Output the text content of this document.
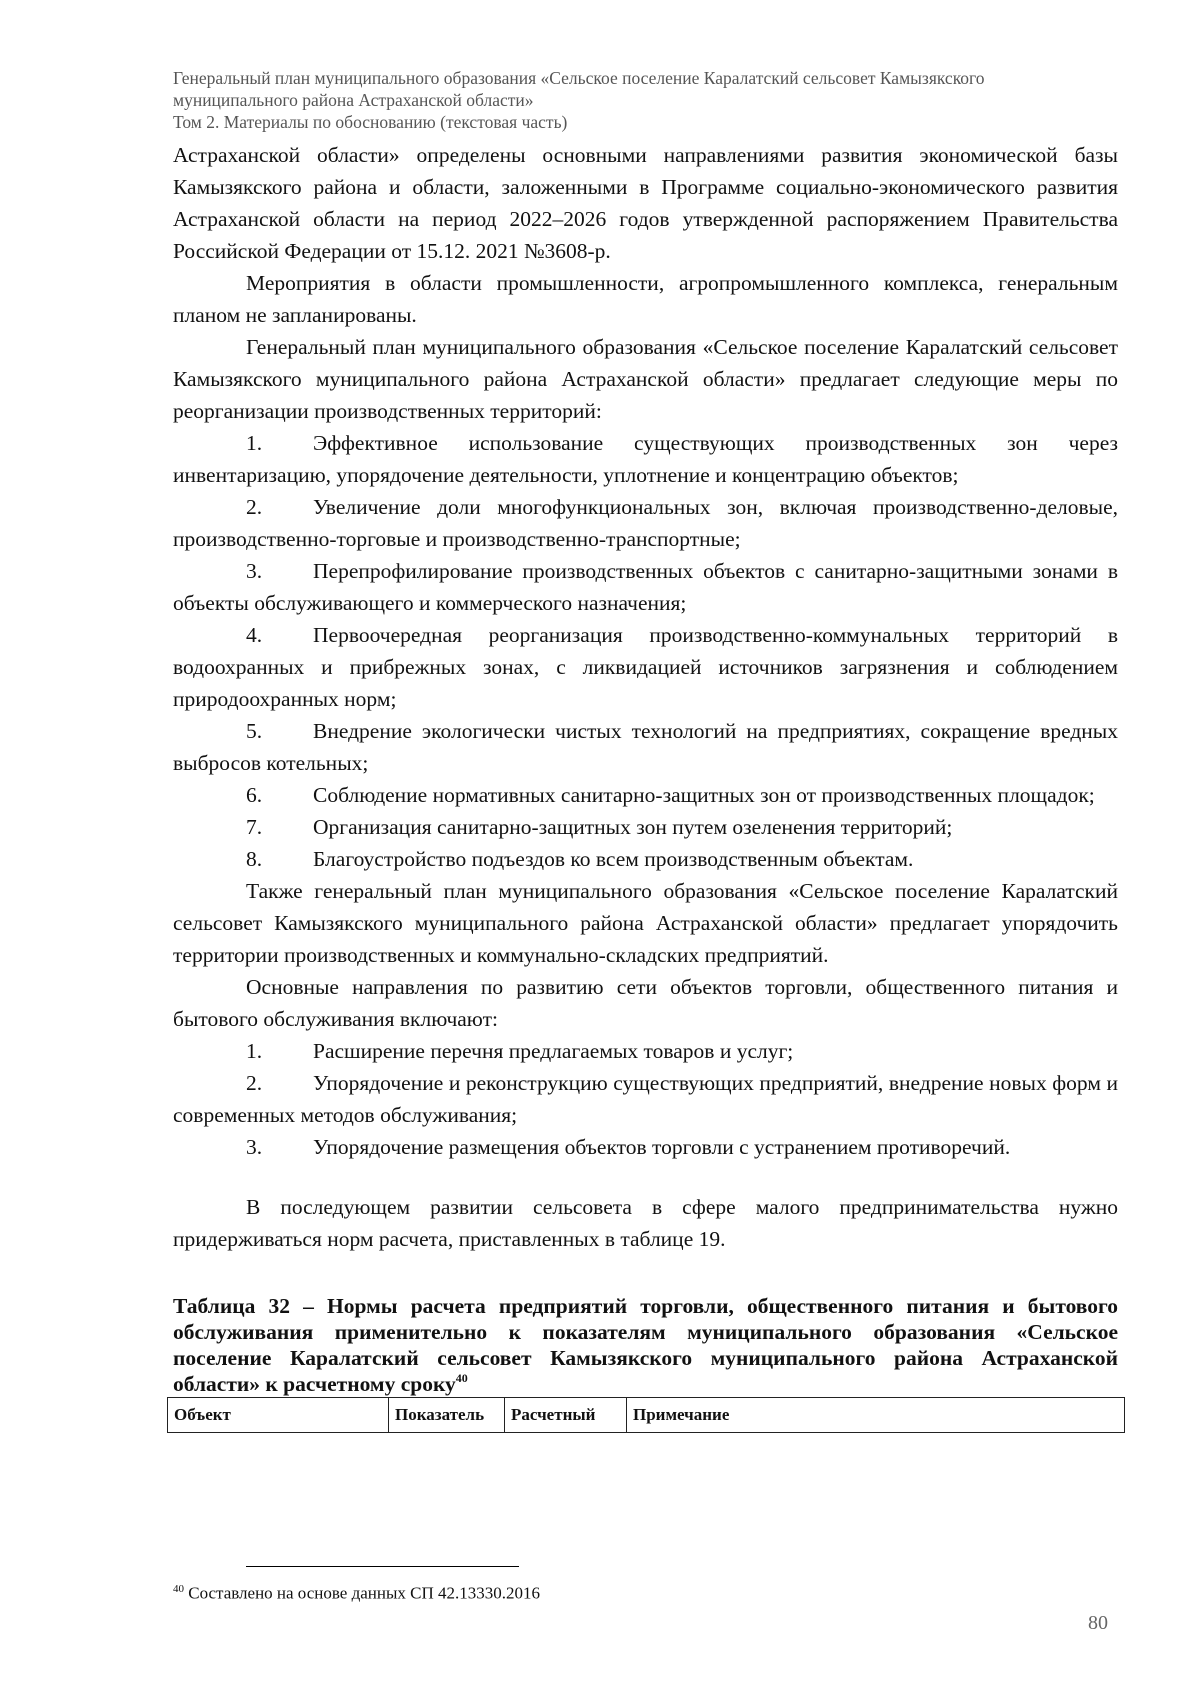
Генеральный план муниципального образования «Сельское поселение Каралатский сельсовет Камызякского

муниципального района Астраханской области»

Том 2. Материалы по обоснованию (текстовая часть)

Астраханской области» определены основными направлениями развития экономической базы Камызякского района и области, заложенными в Программе социально-экономического развития Астраханской области на период 2022–2026 годов утвержденной распоряжением Правительства Российской Федерации от 15.12. 2021 №3608-р.

Мероприятия в области промышленности, агропромышленного комплекса, генеральным планом не запланированы.

Генеральный план муниципального образования «Сельское поселение Каралатский сельсовет Камызякского муниципального района Астраханской области» предлагает следующие меры по реорганизации производственных территорий:

1. Эффективное использование существующих производственных зон через инвентаризацию, упорядочение деятельности, уплотнение и концентрацию объектов;

2. Увеличение доли многофункциональных зон, включая производственно-деловые, производственно-торговые и производственно-транспортные;

3. Перепрофилирование производственных объектов с санитарно-защитными зонами в объекты обслуживающего и коммерческого назначения;

4. Первоочередная реорганизация производственно-коммунальных территорий в водоохранных и прибрежных зонах, с ликвидацией источников загрязнения и соблюдением природоохранных норм;

5. Внедрение экологически чистых технологий на предприятиях, сокращение вредных выбросов котельных;

6. Соблюдение нормативных санитарно-защитных зон от производственных площадок;

7. Организация санитарно-защитных зон путем озеленения территорий;

8. Благоустройство подъездов ко всем производственным объектам.

Также генеральный план муниципального образования «Сельское поселение Каралатский сельсовет Камызякского муниципального района Астраханской области» предлагает упорядочить территории производственных и коммунально-складских предприятий.

Основные направления по развитию сети объектов торговли, общественного питания и бытового обслуживания включают:

1. Расширение перечня предлагаемых товаров и услуг;

2. Упорядочение и реконструкцию существующих предприятий, внедрение новых форм и современных методов обслуживания;

3. Упорядочение размещения объектов торговли с устранением противоречий.

В последующем развитии сельсовета в сфере малого предпринимательства нужно придерживаться норм расчета, приставленных в таблице 19.

Таблица 32 – Нормы расчета предприятий торговли, общественного питания и бытового обслуживания применительно к показателям муниципального образования «Сельское поселение Каралатский сельсовет Камызякского муниципального района Астраханской области» к расчетному сроку$^{40}$

Объект	Показатель	Расчетный	Примечание
$^{40}$ Составлено на основе данных СП 42.13330.2016
80
